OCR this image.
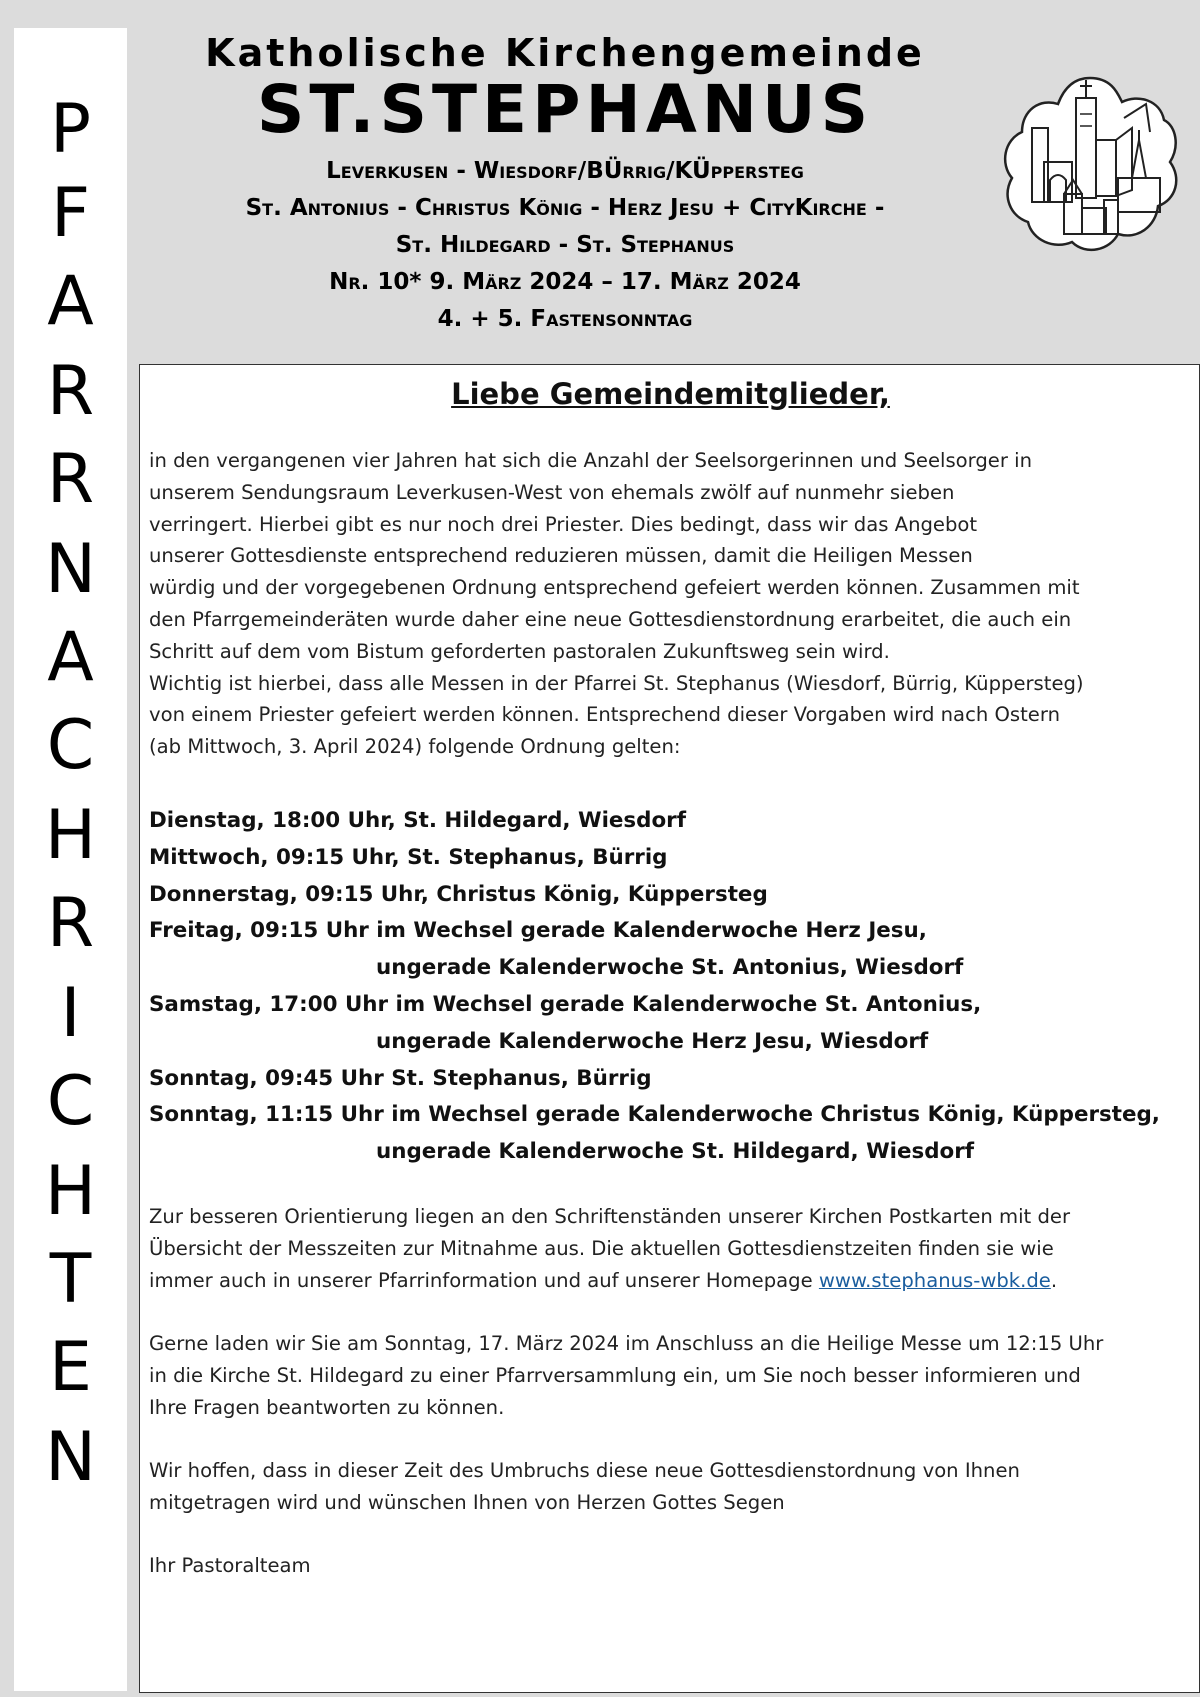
P
F
A
R
R
N
A
C
H
R
I
C
H
T
E
N
Katholische Kirchengemeinde
ST.STEPHANUS
Leverkusen - Wiesdorf/BÜrrig/KÜppersteg
St. Antonius - Christus König - Herz Jesu + CityKirche -
St. Hildegard - St. Stephanus
Nr. 10* 9. März 2024 – 17. März 2024
4. + 5. Fastensonntag
Liebe Gemeindemitglieder,
in den vergangenen vier Jahren hat sich die Anzahl der Seelsorgerinnen und Seelsorger in
unserem Sendungsraum Leverkusen-West von ehemals zwölf auf nunmehr sieben
verringert. Hierbei gibt es nur noch drei Priester. Dies bedingt, dass wir das Angebot
unserer Gottesdienste entsprechend reduzieren müssen, damit die Heiligen Messen
würdig und der vorgegebenen Ordnung entsprechend gefeiert werden können. Zusammen mit
den Pfarrgemeinderäten wurde daher eine neue Gottesdienstordnung erarbeitet, die auch ein
Schritt auf dem vom Bistum geforderten pastoralen Zukunftsweg sein wird.
Wichtig ist hierbei, dass alle Messen in der Pfarrei St. Stephanus (Wiesdorf, Bürrig, Küppersteg)
von einem Priester gefeiert werden können. Entsprechend dieser Vorgaben wird nach Ostern
(ab Mittwoch, 3. April 2024) folgende Ordnung gelten:
Dienstag, 18:00 Uhr, St. Hildegard, Wiesdorf
Mittwoch, 09:15 Uhr, St. Stephanus, Bürrig
Donnerstag, 09:15 Uhr, Christus König, Küppersteg
Freitag, 09:15 Uhr im Wechsel gerade Kalenderwoche Herz Jesu,
ungerade Kalenderwoche St. Antonius, Wiesdorf
Samstag, 17:00 Uhr im Wechsel gerade Kalenderwoche St. Antonius,
ungerade Kalenderwoche Herz Jesu, Wiesdorf
Sonntag, 09:45 Uhr St. Stephanus, Bürrig
Sonntag, 11:15 Uhr im Wechsel gerade Kalenderwoche Christus König, Küppersteg,
ungerade Kalenderwoche St. Hildegard, Wiesdorf
Zur besseren Orientierung liegen an den Schriftenständen unserer Kirchen Postkarten mit der
Übersicht der Messzeiten zur Mitnahme aus. Die aktuellen Gottesdienstzeiten finden sie wie
immer auch in unserer Pfarrinformation und auf unserer Homepage www.stephanus-wbk.de.
Gerne laden wir Sie am Sonntag, 17. März 2024 im Anschluss an die Heilige Messe um 12:15 Uhr
in die Kirche St. Hildegard zu einer Pfarrversammlung ein, um Sie noch besser informieren und
Ihre Fragen beantworten zu können.
Wir hoffen, dass in dieser Zeit des Umbruchs diese neue Gottesdienstordnung von Ihnen
mitgetragen wird und wünschen Ihnen von Herzen Gottes Segen
Ihr Pastoralteam
